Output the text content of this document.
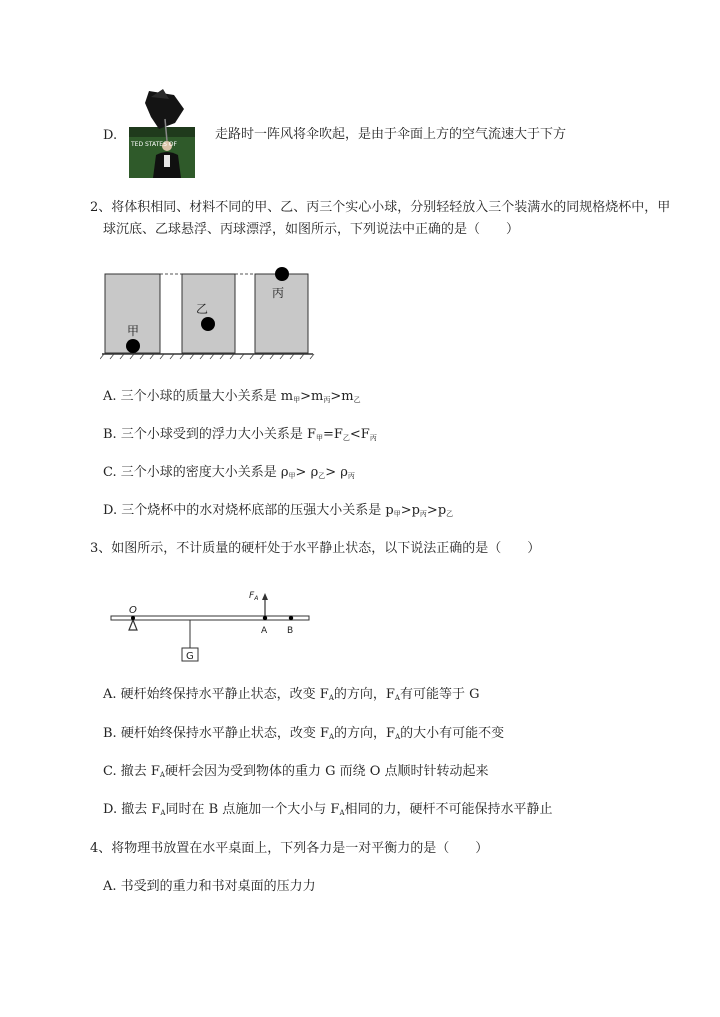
TED STATES OF
D.	走路时一阵风将伞吹起，是由于伞面上方的空气流速大于下方
2、将体积相同、材料不同的甲、乙、丙三个实心小球，分别轻轻放入三个装满水的同规格烧杯中，甲
球沉底、乙球悬浮、丙球漂浮，如图所示，下列说法中正确的是（　　）
甲
乙
丙
A. 三个小球的质量大小关系是 $m_甲>m_丙>m_乙$
B. 三个小球受到的浮力大小关系是 $F_甲=F_乙<F_丙$
C. 三个小球的密度大小关系是 $\rho_甲> \rho_乙> \rho_丙$
D. 三个烧杯中的水对烧杯底部的压强大小关系是 $p_甲>p_丙>p_乙$
3、如图所示，不计质量的硬杆处于水平静止状态，以下说法正确的是（　　）
G
O
$F_A$
A B
A. 硬杆始终保持水平静止状态，改变 $F_A$的方向，$F_A$有可能等于 G
B. 硬杆始终保持水平静止状态，改变 $F_A$的方向，$F_A$的大小有可能不变
C. 撤去 $F_A$硬杆会因为受到物体的重力 G 而绕 O 点顺时针转动起来
D. 撤去 $F_A$同时在 B 点施加一个大小与 $F_A$相同的力，硬杆不可能保持水平静止
4、将物理书放置在水平桌面上，下列各力是一对平衡力的是（　　）
A. 书受到的重力和书对桌面的压力力
